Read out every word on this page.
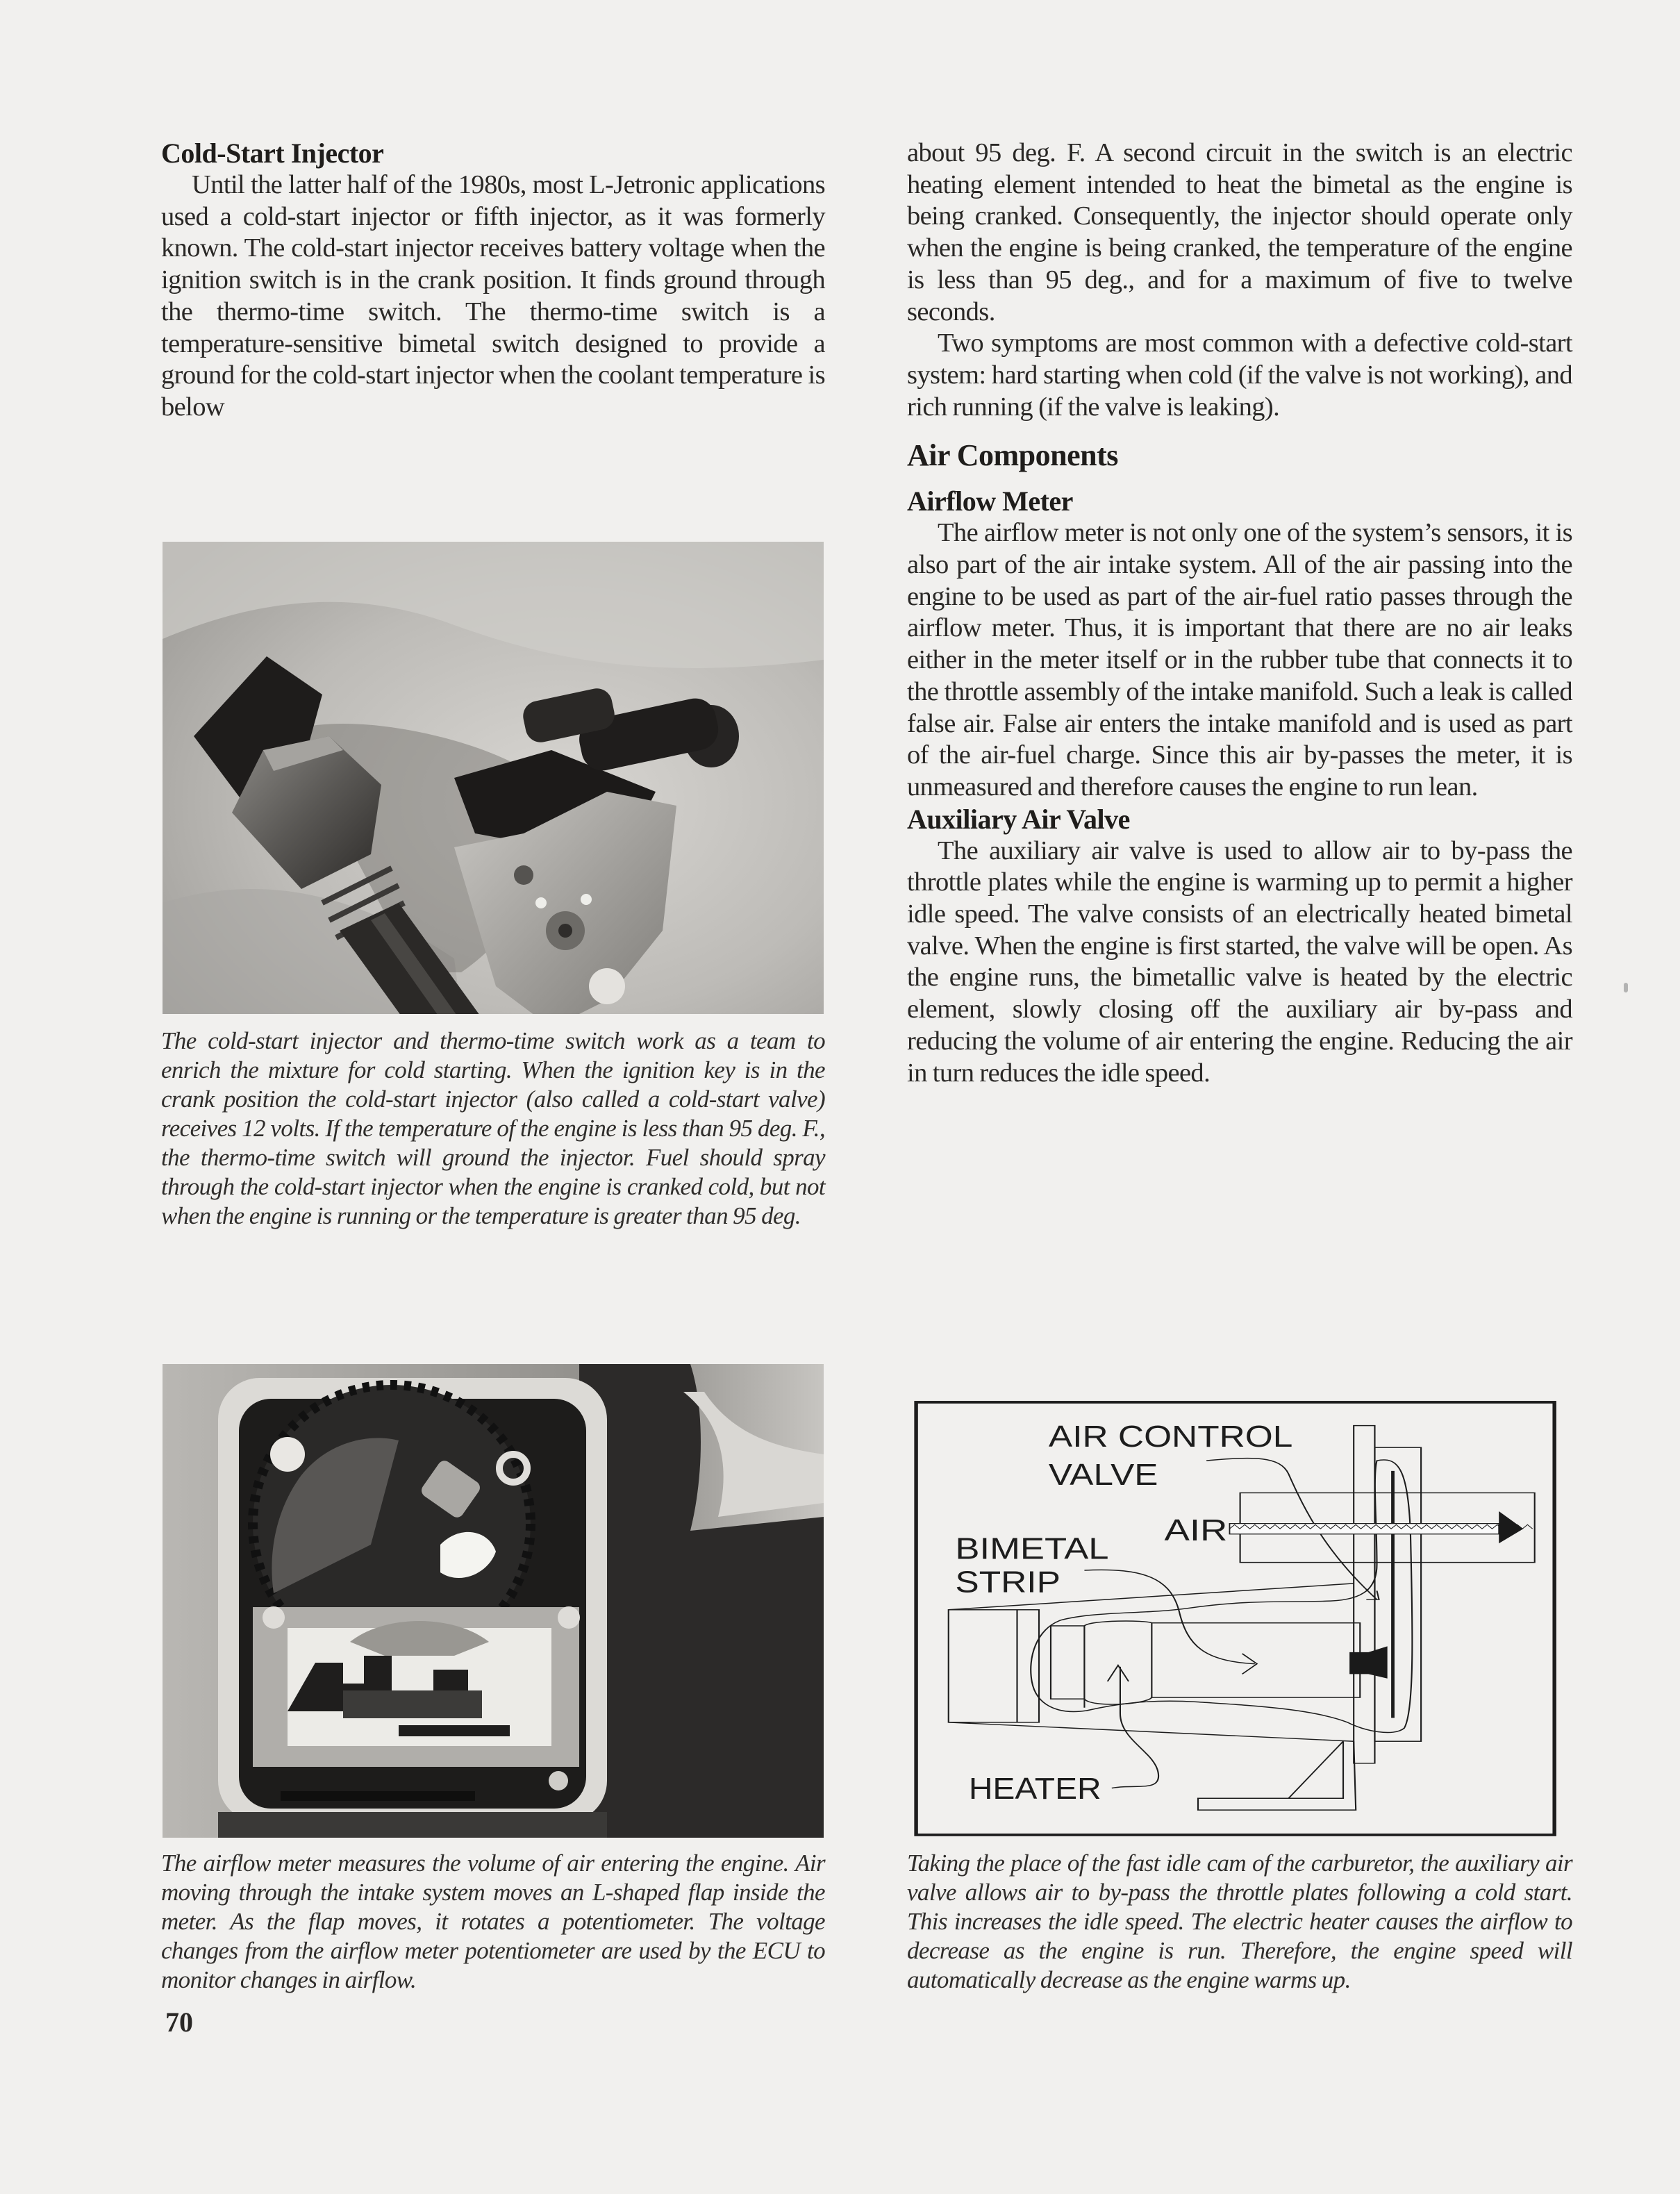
Cold-Start Injector

Until the latter half of the 1980s, most L-Jetronic applications used a cold-start injector or fifth injector, as it was formerly known. The cold-start injector receives battery voltage when the ignition switch is in the crank position. It finds ground through the thermo-time switch. The thermo-time switch is a temperature-sensitive bimetal switch designed to provide a ground for the cold-start injector when the coolant temperature is below

The cold-start injector and thermo-time switch work as a team to enrich the mixture for cold starting. When the ignition key is in the crank position the cold-start injector (also called a cold-start valve) receives 12 volts. If the temperature of the engine is less than 95 deg. F., the thermo-time switch will ground the injector. Fuel should spray through the cold-start injector when the engine is cranked cold, but not when the engine is running or the temperature is greater than 95 deg.

The airflow meter measures the volume of air entering the engine. Air moving through the intake system moves an L-shaped flap inside the meter. As the flap moves, it rotates a potentiometer. The voltage changes from the airflow meter potentiometer are used by the ECU to monitor changes in airflow.

70

about 95 deg. F. A second circuit in the switch is an electric heating element intended to heat the bimetal as the engine is being cranked. Consequently, the injector should operate only when the engine is being cranked, the temperature of the engine is less than 95 deg., and for a maximum of five to twelve seconds.

Two symptoms are most common with a defective cold-start system: hard starting when cold (if the valve is not working), and rich running (if the valve is leaking).

Air Components
Airflow Meter

The airflow meter is not only one of the system’s sensors, it is also part of the air intake system. All of the air passing into the engine to be used as part of the air-fuel ratio passes through the airflow meter. Thus, it is important that there are no air leaks either in the meter itself or in the rubber tube that connects it to the throttle assembly of the intake manifold. Such a leak is called false air. False air enters the intake manifold and is used as part of the air-fuel charge. Since this air by-passes the meter, it is unmeasured and therefore causes the engine to run lean.

Auxiliary Air Valve

The auxiliary air valve is used to allow air to by-pass the throttle plates while the engine is warming up to permit a higher idle speed. The valve consists of an electrically heated bimetal valve. When the engine is first started, the valve will be open. As the engine runs, the bimetallic valve is heated by the electric element, slowly closing off the auxiliary air by-pass and reducing the volume of air entering the engine. Reducing the air in turn reduces the idle speed.

AIR CONTROL
VALVE
AIR
BIMETAL
STRIP
HEATER

Taking the place of the fast idle cam of the carburetor, the auxiliary air valve allows air to by-pass the throttle plates following a cold start. This increases the idle speed. The electric heater causes the airflow to decrease as the engine is run. Therefore, the engine speed will automatically decrease as the engine warms up.
